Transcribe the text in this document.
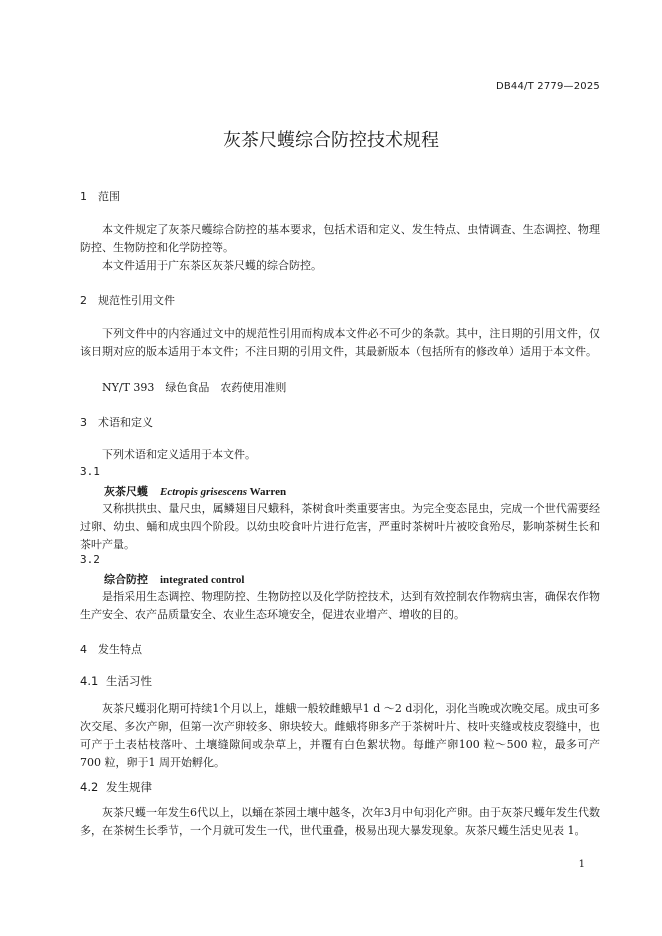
DB44/T 2779—2025
灰茶尺蠖综合防控技术规程
1 范围

本文件规定了灰茶尺蠖综合防控的基本要求，包括术语和定义、发生特点、虫情调查、生态调控、物理防控、生物防控和化学防控等。

本文件适用于广东茶区灰茶尺蠖的综合防控。

2 规范性引用文件

下列文件中的内容通过文中的规范性引用而构成本文件必不可少的条款。其中，注日期的引用文件，仅该日期对应的版本适用于本文件；不注日期的引用文件，其最新版本（包括所有的修改单）适用于本文件。

NY/T 393　绿色食品　农药使用准则

3 术语和定义

下列术语和定义适用于本文件。

3.1
灰茶尺蠖 Ectropis grisescens Warren

又称拱拱虫、量尺虫，属鳞翅目尺蛾科，茶树食叶类重要害虫。为完全变态昆虫，完成一个世代需要经过卵、幼虫、蛹和成虫四个阶段。以幼虫咬食叶片进行危害，严重时茶树叶片被咬食殆尽，影响茶树生长和茶叶产量。

3.2
综合防控 integrated control

是指采用生态调控、物理防控、生物防控以及化学防控技术，达到有效控制农作物病虫害，确保农作物生产安全、农产品质量安全、农业生态环境安全，促进农业增产、增收的目的。

4 发生特点
4.1 生活习性

灰茶尺蠖羽化期可持续1个月以上，雄蛾一般较雌蛾早1 d ～2 d羽化，羽化当晚或次晚交尾。成虫可多次交尾、多次产卵，但第一次产卵较多、卵块较大。雌蛾将卵多产于茶树叶片、枝叶夹缝或枝皮裂缝中，也可产于土表枯枝落叶、土壤缝隙间或杂草上，并覆有白色絮状物。每雌产卵100 粒～500 粒，最多可产700 粒，卵于1 周开始孵化。

4.2 发生规律

灰茶尺蠖一年发生6代以上，以蛹在茶园土壤中越冬，次年3月中旬羽化产卵。由于灰茶尺蠖年发生代数多，在茶树生长季节，一个月就可发生一代，世代重叠，极易出现大暴发现象。灰茶尺蠖生活史见表 1。

1
